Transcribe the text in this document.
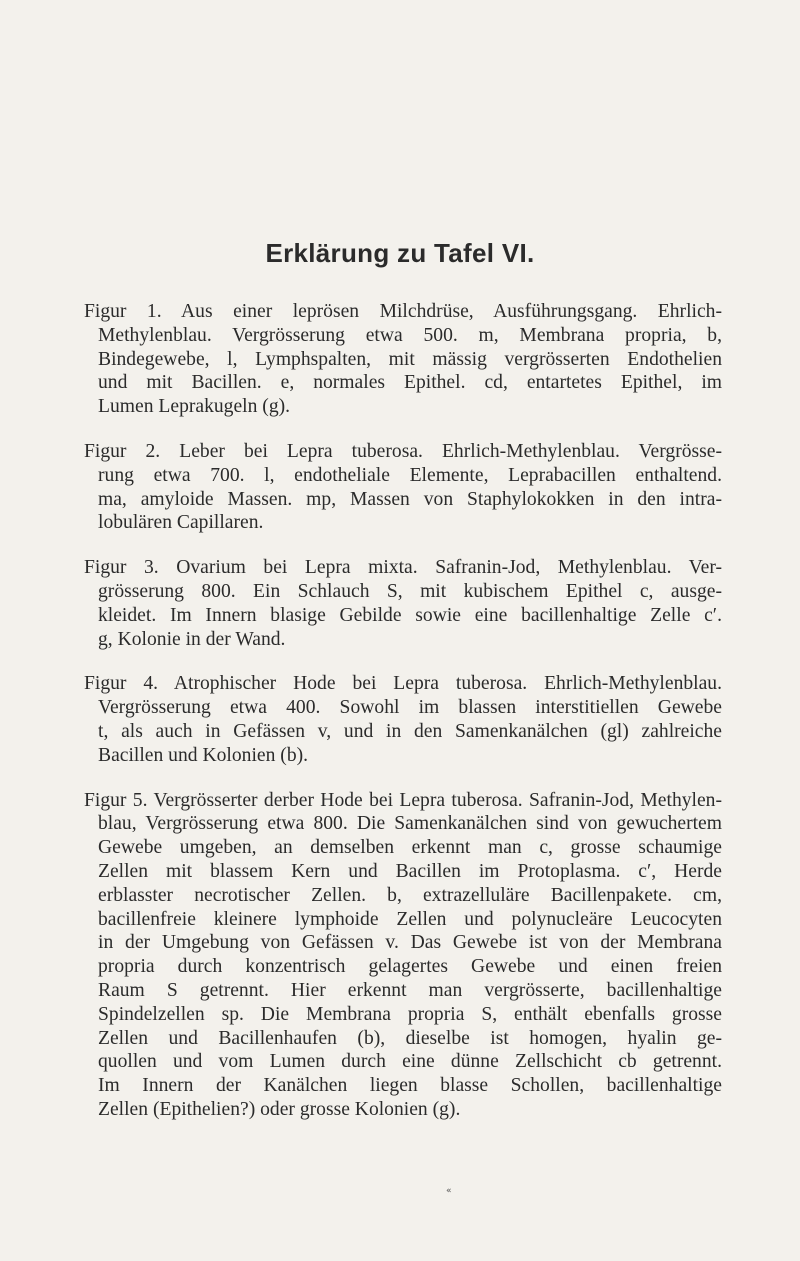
Erklärung zu Tafel VI.
Figur 1. Aus einer leprösen Milchdrüse, Ausführungsgang. Ehrlich-
Methylenblau. Vergrösserung etwa 500. m, Membrana propria, b,
Bindegewebe, l, Lymphspalten, mit mässig vergrösserten Endothelien
und mit Bacillen. e, normales Epithel. cd, entartetes Epithel, im
Lumen Leprakugeln (g).
Figur 2. Leber bei Lepra tuberosa. Ehrlich-Methylenblau. Vergrösse-
rung etwa 700. l, endotheliale Elemente, Leprabacillen enthaltend.
ma, amyloide Massen. mp, Massen von Staphylokokken in den intra-
lobulären Capillaren.
Figur 3. Ovarium bei Lepra mixta. Safranin-Jod, Methylenblau. Ver-
grösserung 800. Ein Schlauch S, mit kubischem Epithel c, ausge-
kleidet. Im Innern blasige Gebilde sowie eine bacillenhaltige Zelle c′.
g, Kolonie in der Wand.
Figur 4. Atrophischer Hode bei Lepra tuberosa. Ehrlich-Methylenblau.
Vergrösserung etwa 400. Sowohl im blassen interstitiellen Gewebe
t, als auch in Gefässen v, und in den Samenkanälchen (gl) zahlreiche
Bacillen und Kolonien (b).
Figur 5. Vergrösserter derber Hode bei Lepra tuberosa. Safranin-Jod, Methylen-
blau, Vergrösserung etwa 800. Die Samenkanälchen sind von gewuchertem
Gewebe umgeben, an demselben erkennt man c, grosse schaumige
Zellen mit blassem Kern und Bacillen im Protoplasma. c′, Herde
erblasster necrotischer Zellen. b, extrazelluläre Bacillenpakete. cm,
bacillenfreie kleinere lymphoide Zellen und polynucleäre Leucocyten
in der Umgebung von Gefässen v. Das Gewebe ist von der Membrana
propria durch konzentrisch gelagertes Gewebe und einen freien
Raum S getrennt. Hier erkennt man vergrösserte, bacillenhaltige
Spindelzellen sp. Die Membrana propria S, enthält ebenfalls grosse
Zellen und Bacillenhaufen (b), dieselbe ist homogen, hyalin ge-
quollen und vom Lumen durch eine dünne Zellschicht cb getrennt.
Im Innern der Kanälchen liegen blasse Schollen, bacillenhaltige
Zellen (Epithelien?) oder grosse Kolonien (g).
«
